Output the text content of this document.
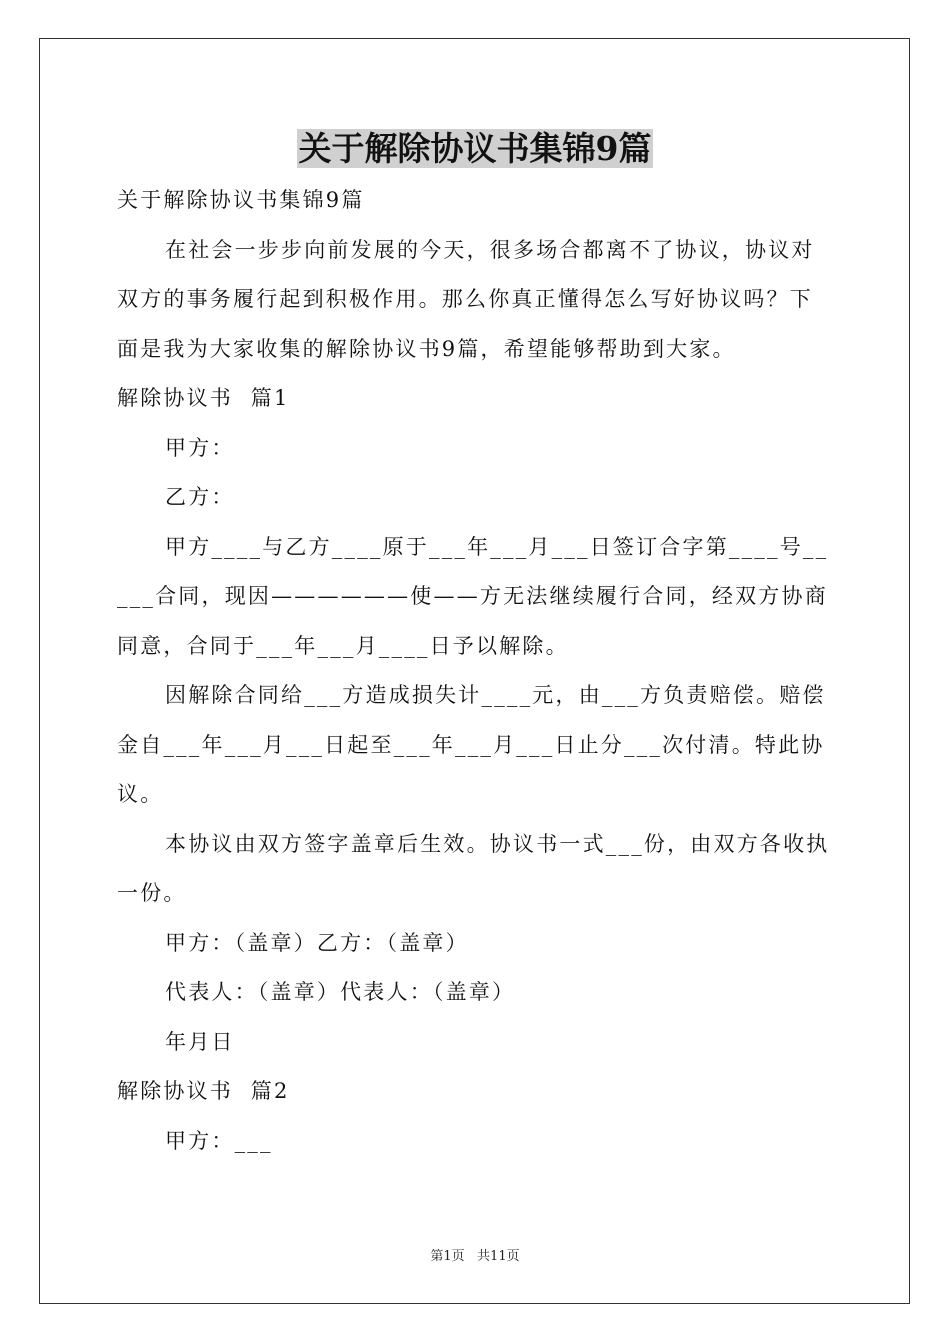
关于解除协议书集锦9篇

关于解除协议书集锦9篇

在社会一步步向前发展的今天，很多场合都离不了协议，协议对双方的事务履行起到积极作用。那么你真正懂得怎么写好协议吗？下面是我为大家收集的解除协议书9篇，希望能够帮助到大家。

解除协议书  篇1

甲方：

乙方：

甲方____与乙方____原于___年___月___日签订合字第____号_____合同，现因——————使——方无法继续履行合同，经双方协商同意，合同于___年___月____日予以解除。

因解除合同给___方造成损失计____元，由___方负责赔偿。赔偿金自___年___月___日起至___年___月___日止分___次付清。特此协议。

本协议由双方签字盖章后生效。协议书一式___份，由双方各收执一份。

甲方：（盖章）乙方：（盖章）

代表人：（盖章）代表人：（盖章）

年月日

解除协议书  篇2

甲方：___

第1页   共11页
